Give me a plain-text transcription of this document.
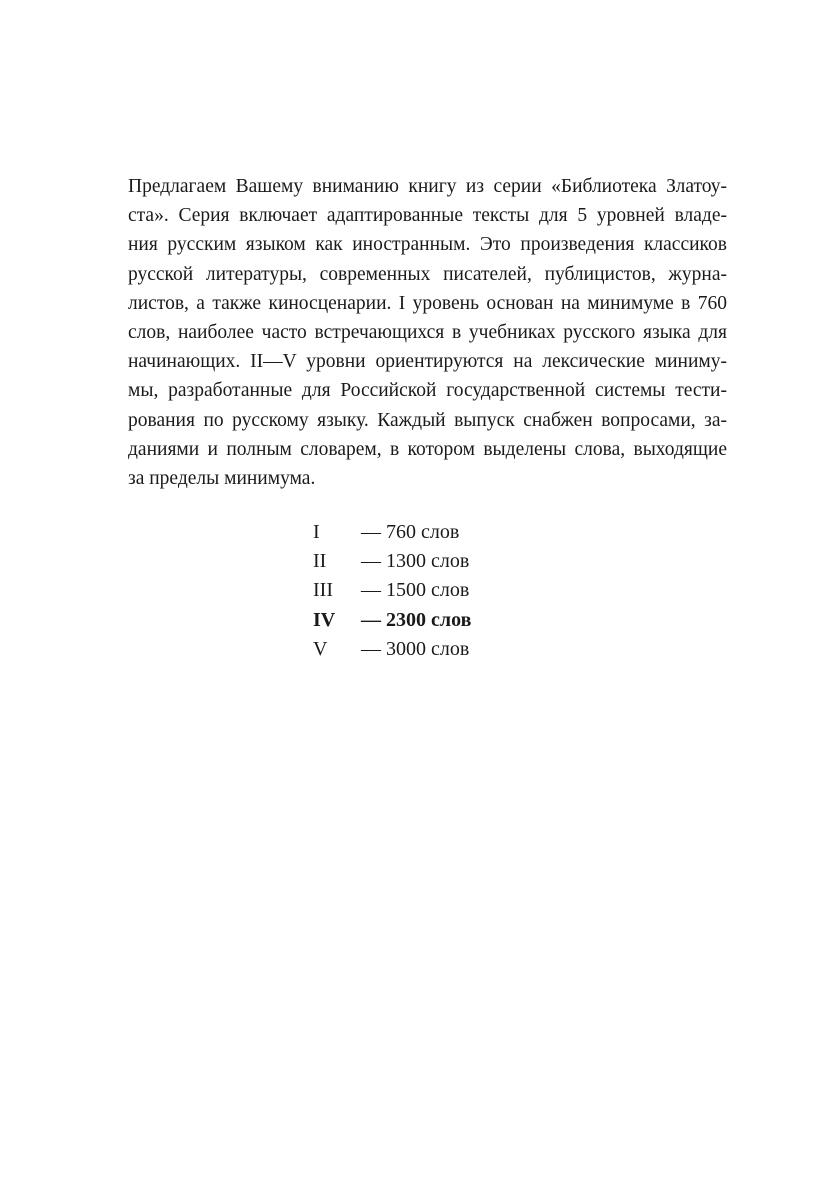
Предлагаем Вашему вниманию книгу из серии «Библиотека Златоу-
ста». Серия включает адаптированные тексты для 5 уровней владе-
ния русским языком как иностранным. Это произведения классиков
русской литературы, современных писателей, публицистов, журна-
листов, а также киносценарии. I уровень основан на минимуме в 760
слов, наиболее часто встречающихся в учебниках русского языка для
начинающих. II—V уровни ориентируются на лексические миниму-
мы, разработанные для Российской государственной системы тести-
рования по русскому языку. Каждый выпуск снабжен вопросами, за-
даниями и полным словарем, в котором выделены слова, выходящие
за пределы минимума.
I	— 760 слов
II	— 1300 слов
III	— 1500 слов
IV	— 2300 слов
V	— 3000 слов
